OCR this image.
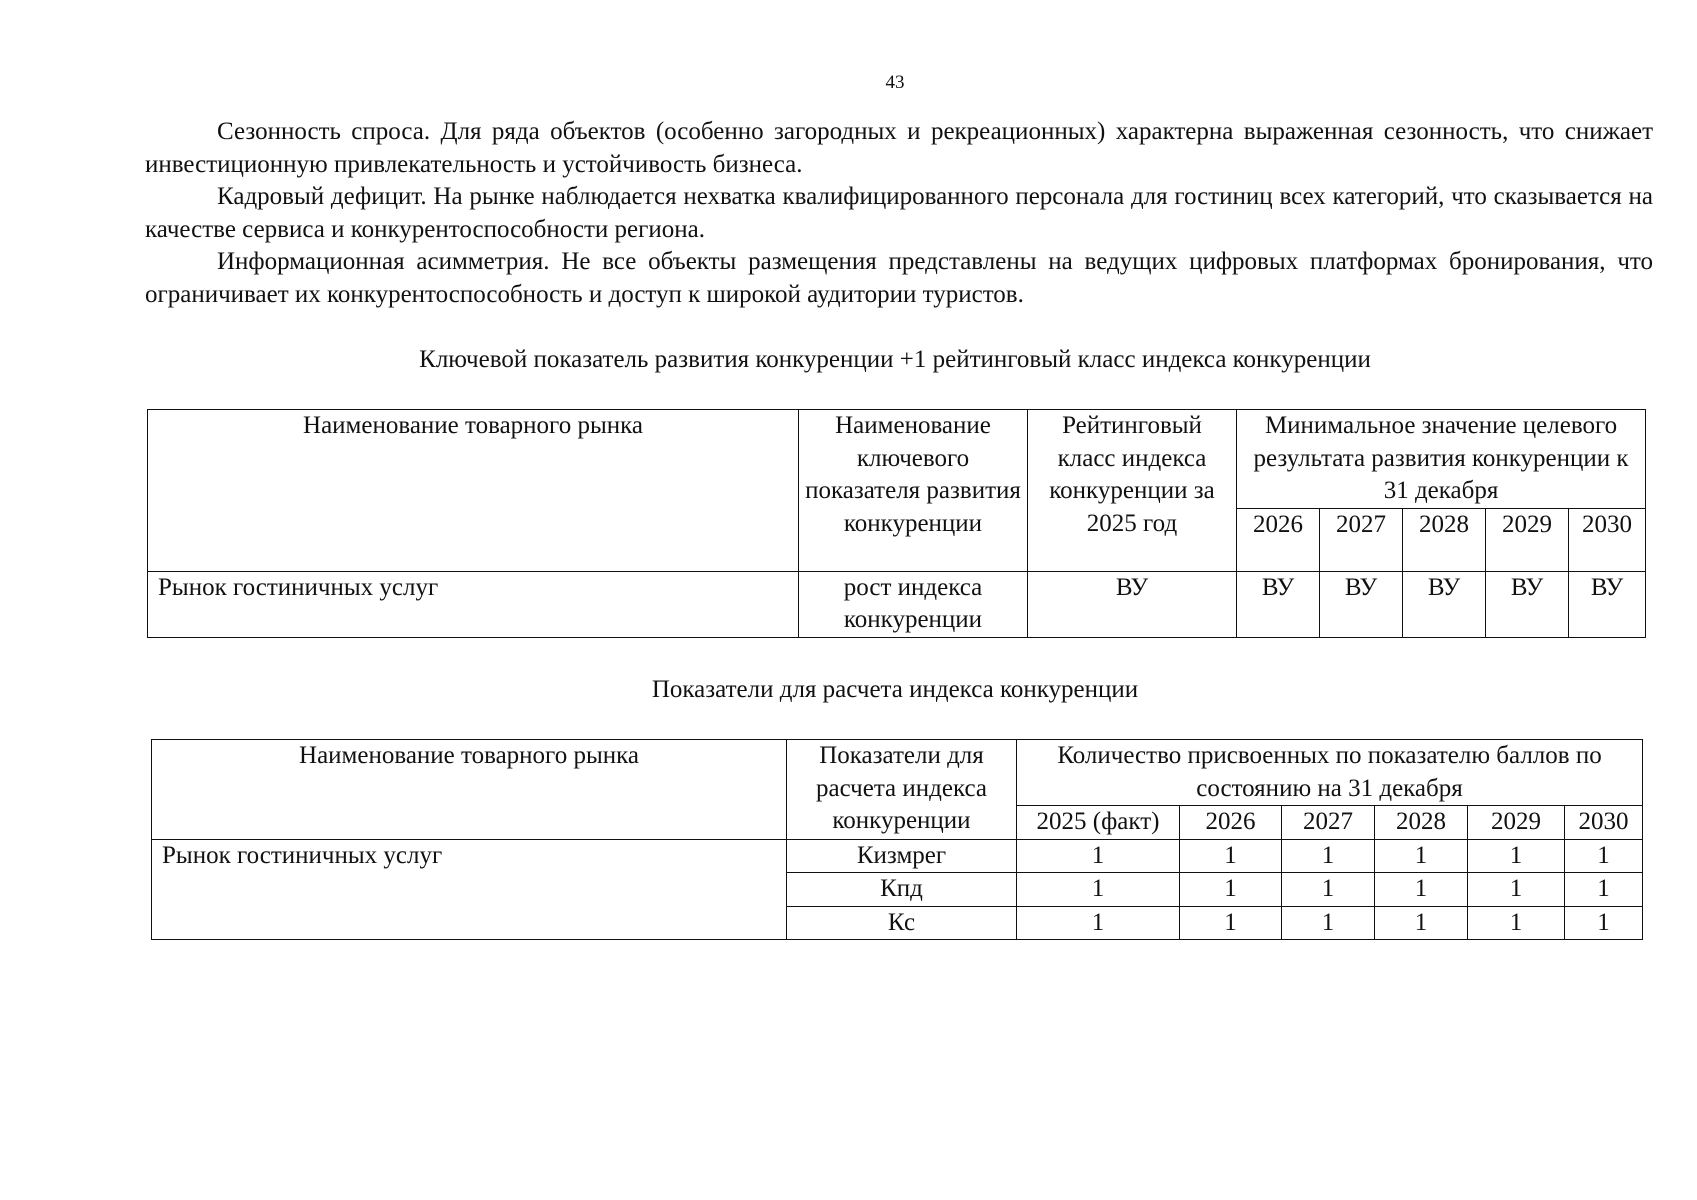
43

Сезонность спроса. Для ряда объектов (особенно загородных и рекреационных) характерна выраженная сезонность, что снижает инвестиционную привлекательность и устойчивость бизнеса.

Кадровый дефицит. На рынке наблюдается нехватка квалифицированного персонала для гостиниц всех категорий, что сказывается на качестве сервиса и конкурентоспособности региона.

Информационная асимметрия. Не все объекты размещения представлены на ведущих цифровых платформах бронирования, что ограничивает их конкурентоспособность и доступ к широкой аудитории туристов.

Ключевой показатель развития конкуренции +1 рейтинговый класс индекса конкуренции
Наименование товарного рынка	Наименование ключевого показателя развития конкуренции	Рейтинговый класс индекса конкуренции за 2025 год	Минимальное значение целевого результата развития конкуренции к 31 декабря				
			2026	2027	2028	2029	2030
Рынок гостиничных услуг	рост индекса конкуренции	ВУ	ВУ	ВУ	ВУ	ВУ	ВУ
Показатели для расчета индекса конкуренции
Наименование товарного рынка	Показатели для расчета индекса конкуренции	Количество присвоенных по показателю баллов по состоянию на 31 декабря					
		2025 (факт)	2026	2027	2028	2029	2030
Рынок гостиничных услуг	Кизмрег	1	1	1	1	1	1
	Кпд	1	1	1	1	1	1
	Кс	1	1	1	1	1	1
